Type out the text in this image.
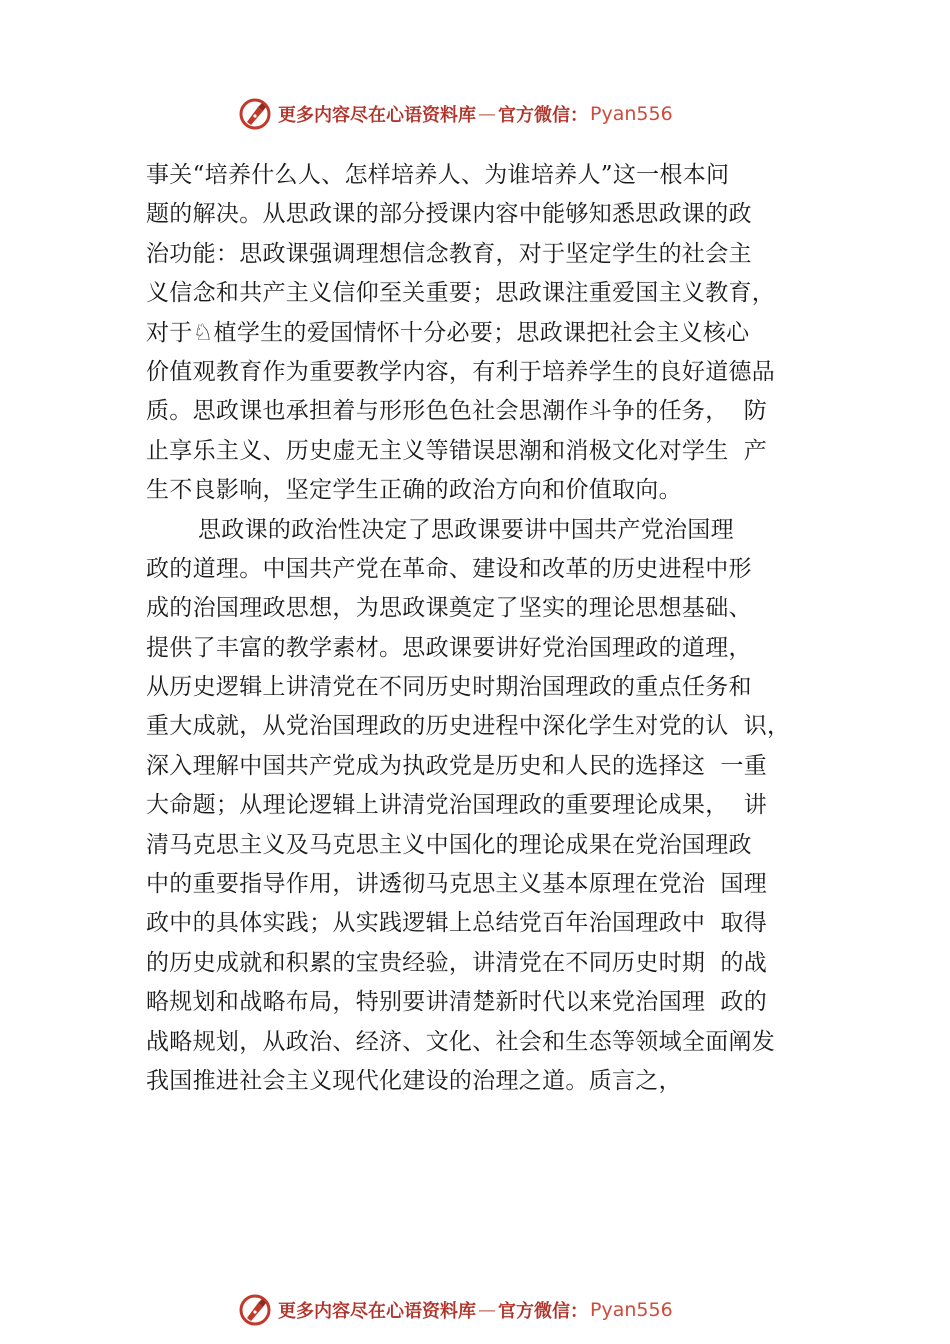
更多内容尽在心语资料库 — 官方微信： Pyan556
事关“培养什么人、怎样培养人、为谁培养人”这一根本问
题的解决。从思政课的部分授课内容中能够知悉思政课的政
治功能：思政课强调理想信念教育，对于坚定学生的社会主
义信念和共产主义信仰至关重要；思政课注重爱国主义教育，
对于♘植学生的爱国情怀十分必要；思政课把社会主义核心
价值观教育作为重要教学内容，有利于培养学生的良好道德品
质。思政课也承担着与形形色色社会思潮作斗争的任务，  防
止享乐主义、历史虚无主义等错误思潮和消极文化对学生  产
生不良影响，坚定学生正确的政治方向和价值取向。
思政课的政治性决定了思政课要讲中国共产党治国理
政的道理。中国共产党在革命、建设和改革的历史进程中形
成的治国理政思想，为思政课奠定了坚实的理论思想基础、
提供了丰富的教学素材。思政课要讲好党治国理政的道理，
从历史逻辑上讲清党在不同历史时期治国理政的重点任务和
重大成就，从党治国理政的历史进程中深化学生对党的认  识，
深入理解中国共产党成为执政党是历史和人民的选择这  一重
大命题；从理论逻辑上讲清党治国理政的重要理论成果，  讲
清马克思主义及马克思主义中国化的理论成果在党治国理政
中的重要指导作用，讲透彻马克思主义基本原理在党治  国理
政中的具体实践；从实践逻辑上总结党百年治国理政中  取得
的历史成就和积累的宝贵经验，讲清党在不同历史时期  的战
略规划和战略布局，特别要讲清楚新时代以来党治国理  政的
战略规划，从政治、经济、文化、社会和生态等领域全面阐发
我国推进社会主义现代化建设的治理之道。质言之，
更多内容尽在心语资料库 — 官方微信： Pyan556
